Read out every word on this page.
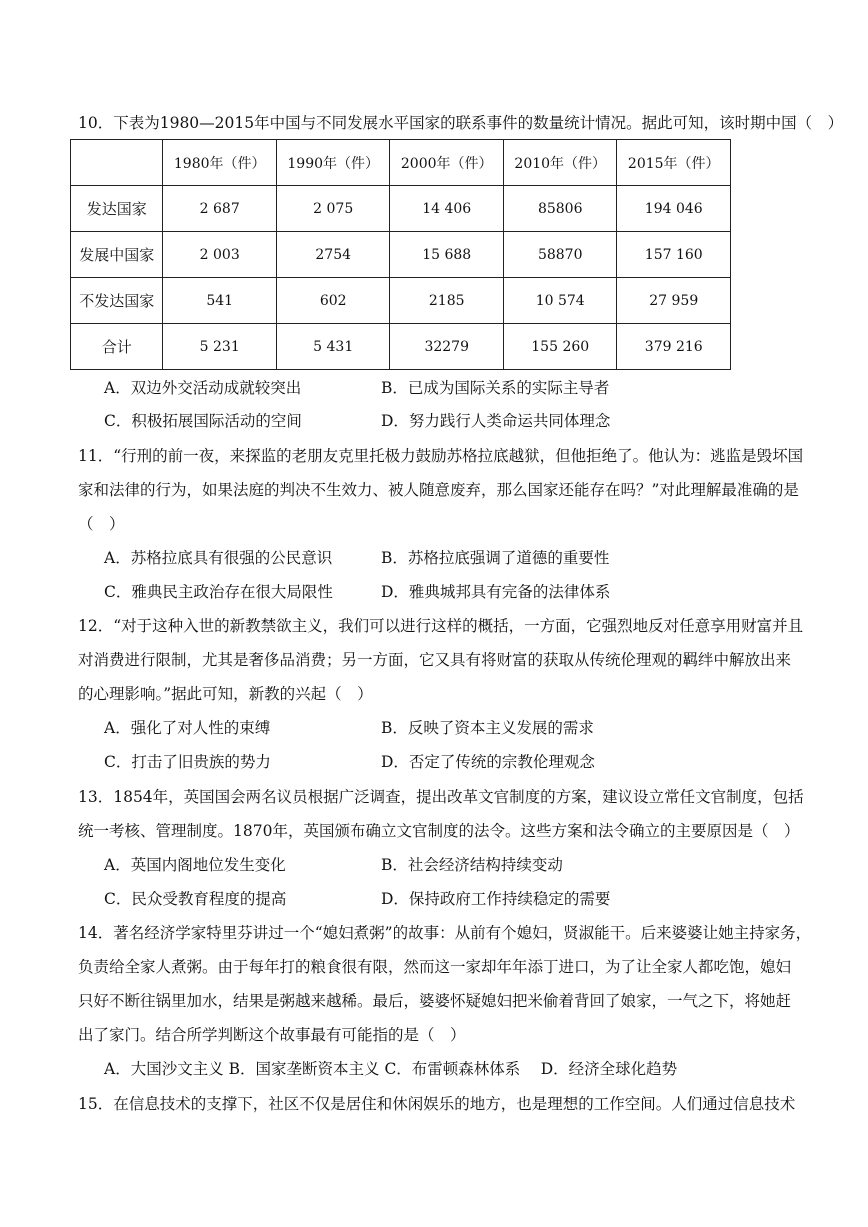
10．下表为1980—2015年中国与不同发展水平国家的联系事件的数量统计情况。据此可知，该时期中国（　）
	1980年（件）	1990年（件）	2000年（件）	2010年（件）	2015年（件）
发达国家	2 687	2 075	14 406	85806	194 046
发展中国家	2 003	2754	15 688	58870	157 160
不发达国家	541	602	2185	10 574	27 959
合计	5 231	5 431	32279	155 260	379 216
A．双边外交活动成就较突出	B．已成为国际关系的实际主导者
C．积极拓展国际活动的空间	D．努力践行人类命运共同体理念
11．“行刑的前一夜，来探监的老朋友克里托极力鼓励苏格拉底越狱，但他拒绝了。他认为：逃监是毁坏国
家和法律的行为，如果法庭的判决不生效力、被人随意废弃，那么国家还能存在吗？”对此理解最准确的是
（　）
A．苏格拉底具有很强的公民意识	B．苏格拉底强调了道德的重要性
C．雅典民主政治存在很大局限性	D．雅典城邦具有完备的法律体系
12．“对于这种入世的新教禁欲主义，我们可以进行这样的概括，一方面，它强烈地反对任意享用财富并且
对消费进行限制，尤其是奢侈品消费；另一方面，它又具有将财富的获取从传统伦理观的羁绊中解放出来
的心理影响。”据此可知，新教的兴起（　）
A．强化了对人性的束缚	B．反映了资本主义发展的需求
C．打击了旧贵族的势力	D．否定了传统的宗教伦理观念
13．1854年，英国国会两名议员根据广泛调查，提出改革文官制度的方案，建议设立常任文官制度，包括
统一考核、管理制度。1870年，英国颁布确立文官制度的法令。这些方案和法令确立的主要原因是（　）
A．英国内阁地位发生变化	B．社会经济结构持续变动
C．民众受教育程度的提高	D．保持政府工作持续稳定的需要
14．著名经济学家特里芬讲过一个“媳妇煮粥”的故事：从前有个媳妇，贤淑能干。后来婆婆让她主持家务，
负责给全家人煮粥。由于每年打的粮食很有限，然而这一家却年年添丁进口，为了让全家人都吃饱，媳妇
只好不断往锅里加水，结果是粥越来越稀。最后，婆婆怀疑媳妇把米偷着背回了娘家，一气之下，将她赶
出了家门。结合所学判断这个故事最有可能指的是（　）
A．大国沙文主义 B．国家垄断资本主义 C．布雷顿森林体系　 D．经济全球化趋势
15．在信息技术的支撑下，社区不仅是居住和休闲娱乐的地方，也是理想的工作空间。人们通过信息技术
